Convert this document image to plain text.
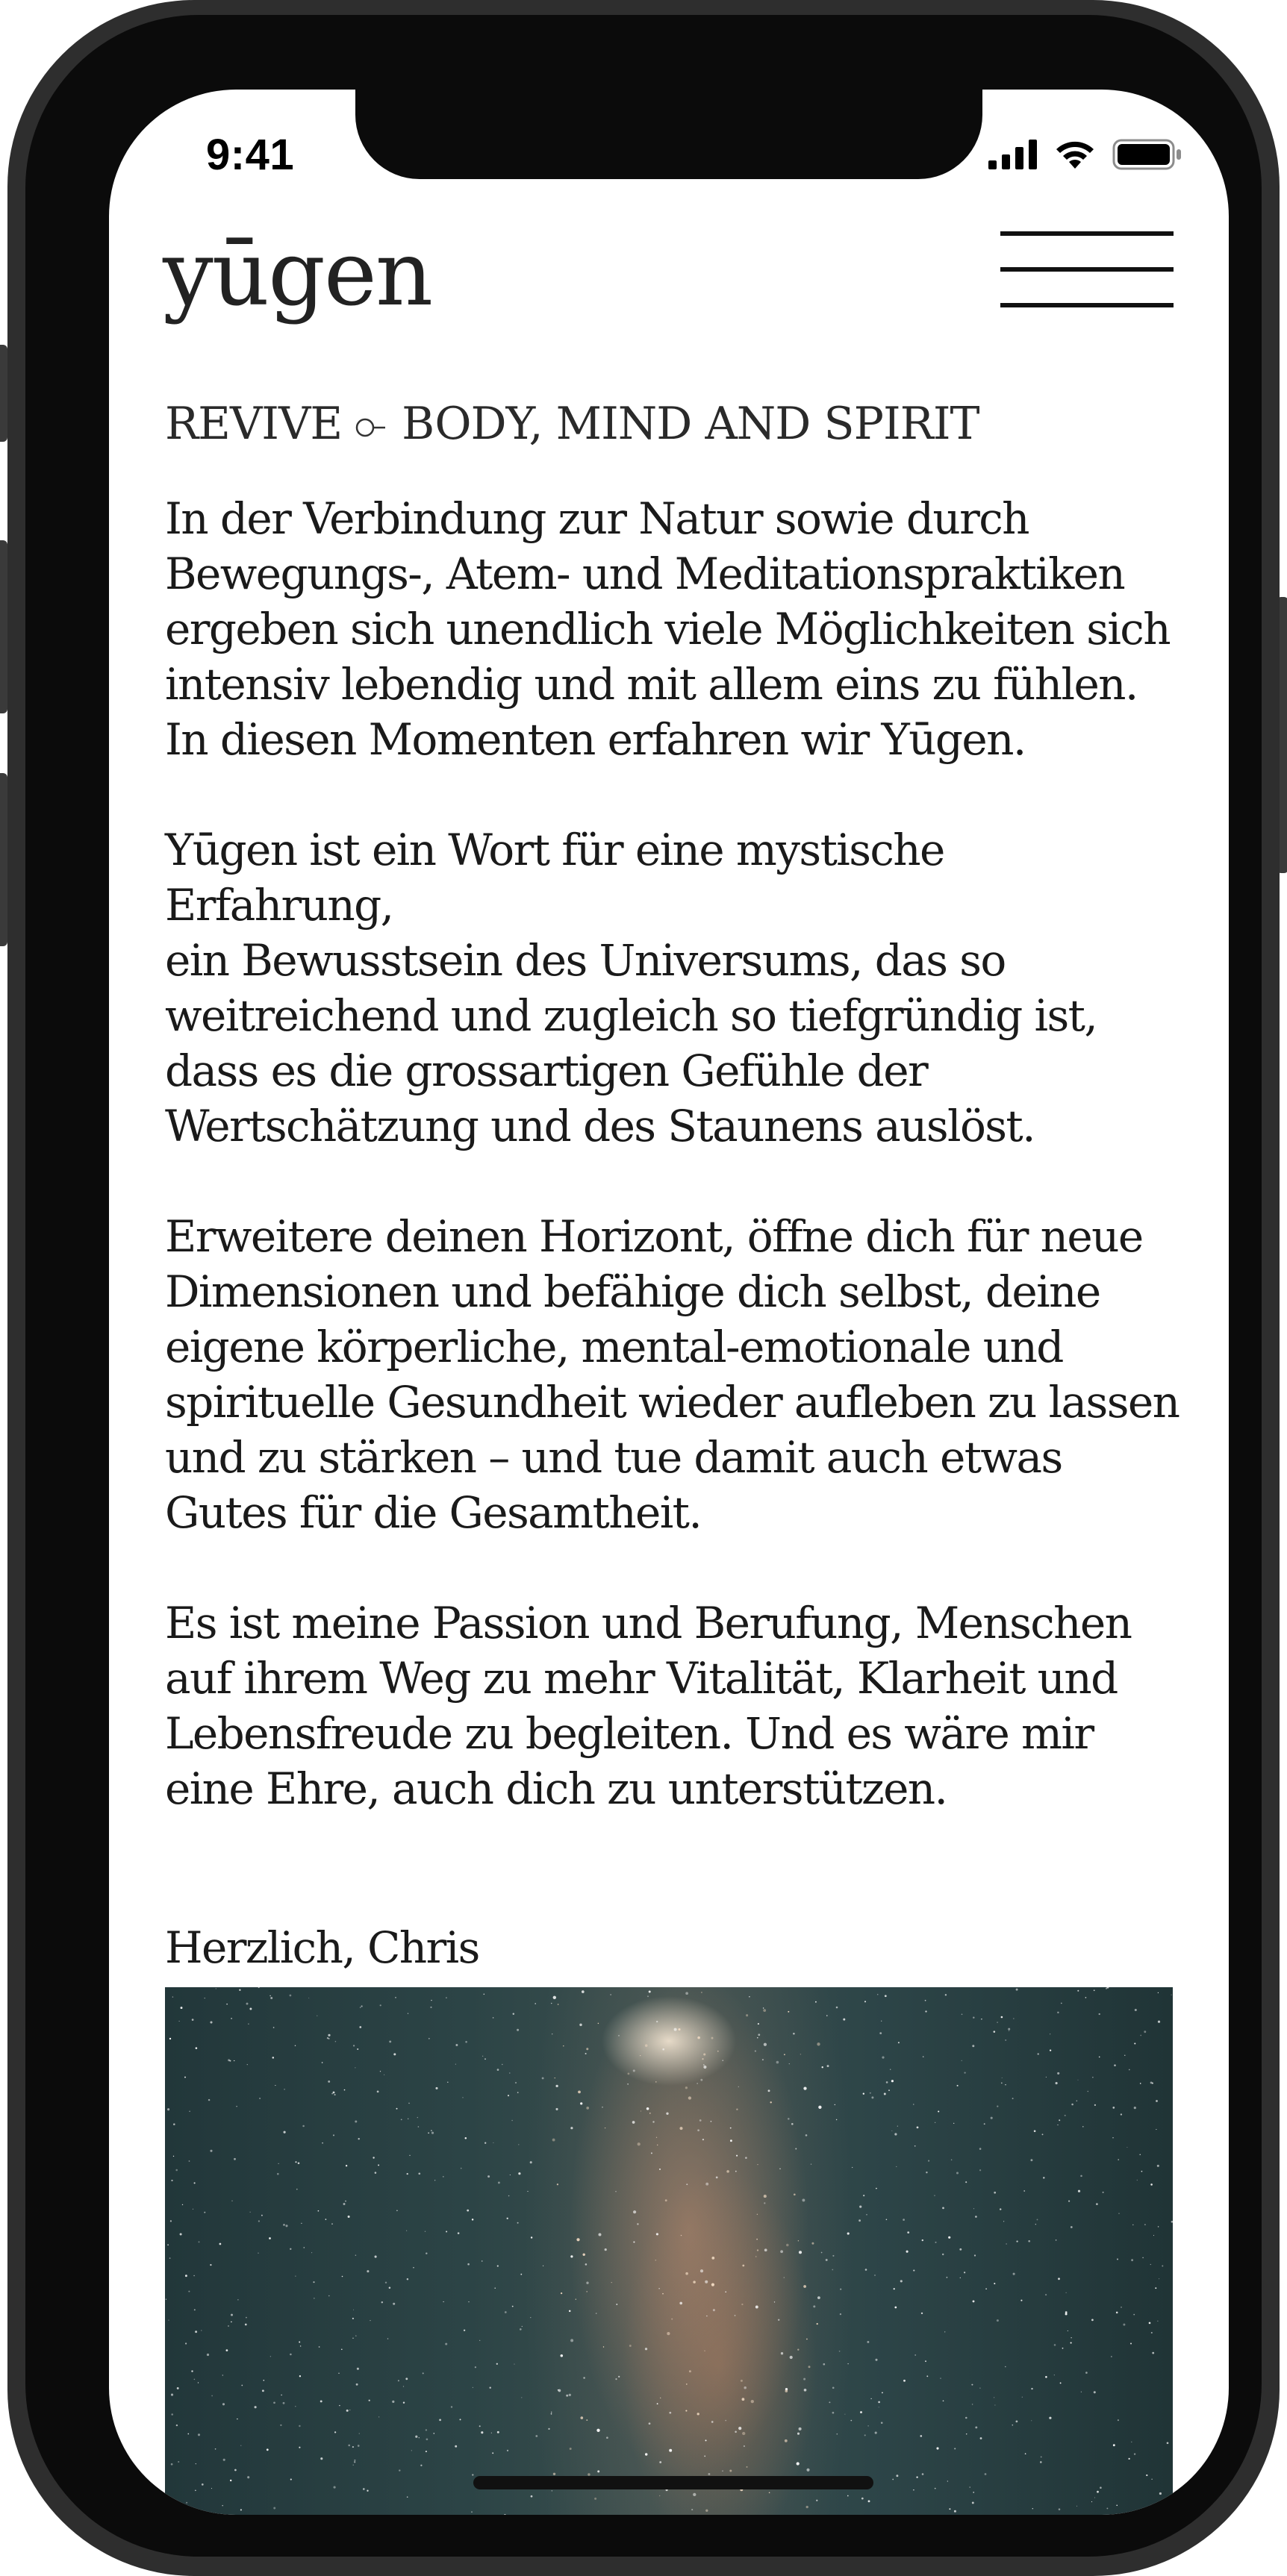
9:41
yūgen
REVIVE BODY, MIND AND SPIRIT

In der Verbindung zur Natur sowie durch
Bewegungs-, Atem- und Meditationspraktiken
ergeben sich unendlich viele Möglichkeiten sich
intensiv lebendig und mit allem eins zu fühlen.
In diesen Momenten erfahren wir Yūgen.

Yūgen ist ein Wort für eine mystische Erfahrung,
ein Bewusstsein des Universums, das so
weitreichend und zugleich so tiefgründig ist,
dass es die grossartigen Gefühle der
Wertschätzung und des Staunens auslöst.

Erweitere deinen Horizont, öffne dich für neue
Dimensionen und befähige dich selbst, deine
eigene körperliche, mental-emotionale und
spirituelle Gesundheit wieder aufleben zu lassen
und zu stärken – und tue damit auch etwas
Gutes für die Gesamtheit.

Es ist meine Passion und Berufung, Menschen
auf ihrem Weg zu mehr Vitalität, Klarheit und
Lebensfreude zu begleiten. Und es wäre mir
eine Ehre, auch dich zu unterstützen.

Herzlich, Chris
